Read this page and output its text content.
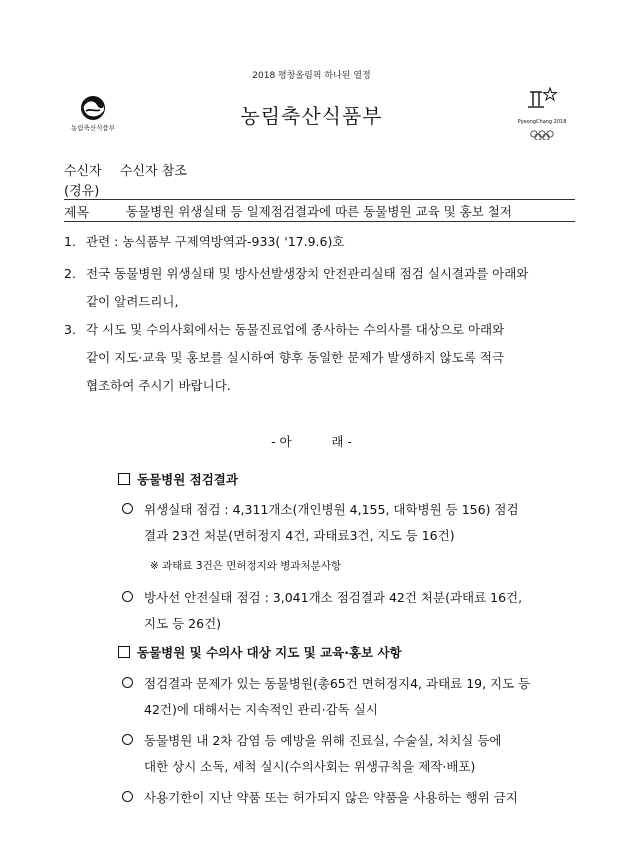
2018 평창올림픽 하나된 열정
농림축산식품부	농림축산식품부	PyeongChang 2018
수신자 수신자 참조
(경유)
제목	동물병원 위생실태 등 일제점검결과에 따른 동물병원 교육 및 홍보 철저
1. 관련 : 농식품부 구제역방역과-933( '17.9.6)호
2. 전국 동물병원 위생실태 및 방사선발생장치 안전관리실태 점검 실시결과를 아래와
같이 알려드리니,
3. 각 시도 및 수의사회에서는 동물진료업에 종사하는 수의사를 대상으로 아래와
같이 지도·교육 및 홍보를 실시하여 향후 동일한 문제가 발생하지 않도록 적극
협조하여 주시기 바랍니다.
- 아          래 -
동물병원 점검결과
위생실태 점검 : 4,311개소(개인병원 4,155, 대학병원 등 156) 점검
결과 23건 처분(면허정지 4건, 과태료3건, 지도 등 16건)
※ 과태료 3건은 면허정지와 병과처분사항
방사선 안전실태 점검 : 3,041개소 점검결과 42건 처분(과태료 16건,
지도 등 26건)
동물병원 및 수의사 대상 지도 및 교육·홍보 사항
점검결과 문제가 있는 동물병원(총65건 면허정지4, 과태료 19, 지도 등
42건)에 대해서는 지속적인 관리·감독 실시
동물병원 내 2차 감염 등 예방을 위해 진료실, 수술실, 처치실 등에
대한 상시 소독, 세척 실시(수의사회는 위생규칙을 제작·배포)
사용기한이 지난 약품 또는 허가되지 않은 약품을 사용하는 행위 금지
